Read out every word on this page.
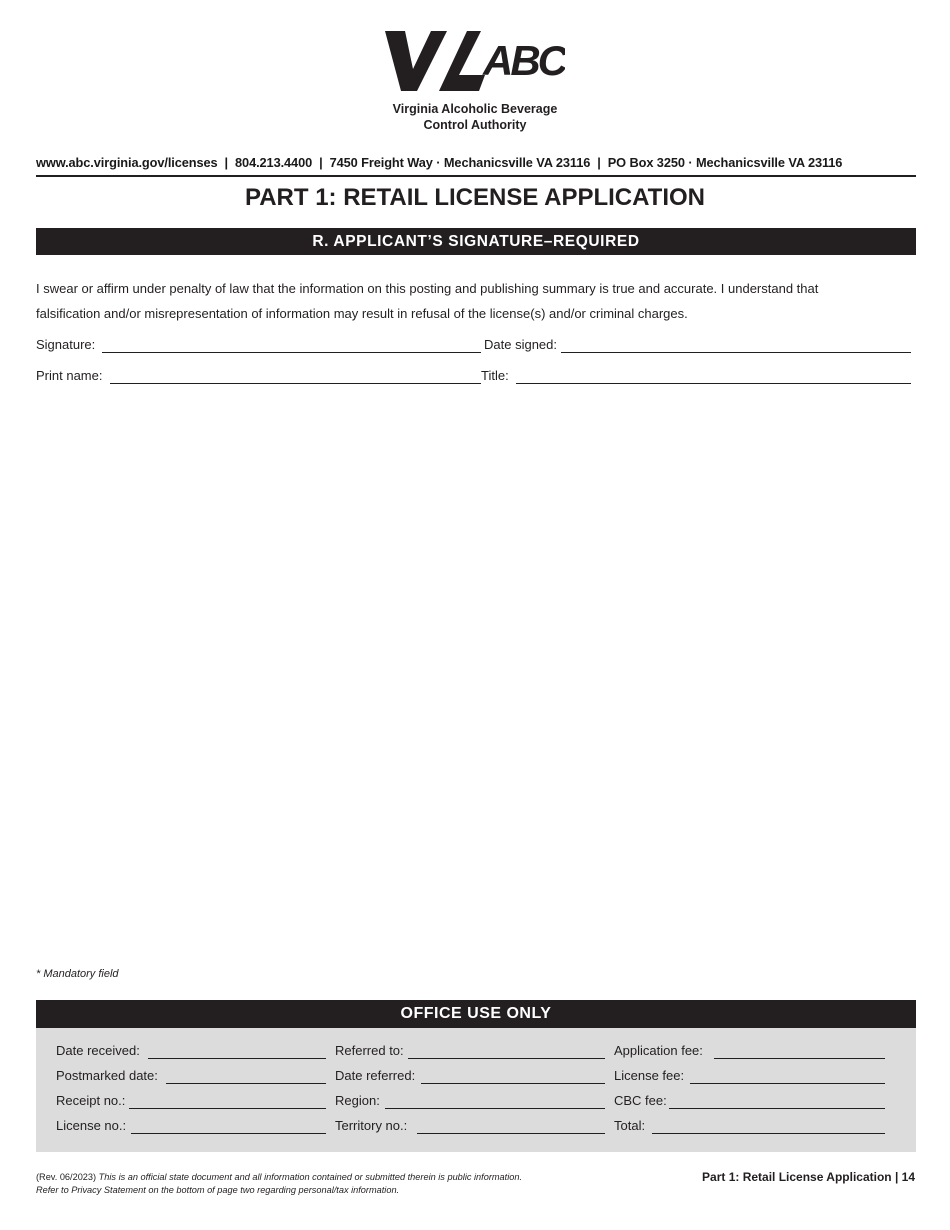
ABC
Virginia Alcoholic Beverage
Control Authority
www.abc.virginia.gov/licenses | 804.213.4400 | 7450 Freight Way · Mechanicsville VA 23116 | PO Box 3250 · Mechanicsville VA 23116
PART 1: RETAIL LICENSE APPLICATION
R. APPLICANT’S SIGNATURE–REQUIRED
I swear or affirm under penalty of law that the information on this posting and publishing summary is true and accurate. I understand that
falsification and/or misrepresentation of information may result in refusal of the license(s) and/or criminal charges.
Signature:	Date signed:
Print name:	Title:
* Mandatory field
OFFICE USE ONLY
Date received:
Postmarked date:
Receipt no.:
License no.:
Referred to:
Date referred:
Region:
Territory no.:
Application fee:
License fee:
CBC fee:
Total:
(Rev. 06/2023) This is an official state document and all information contained or submitted therein is public information.
Refer to Privacy Statement on the bottom of page two regarding personal/tax information.
Part 1: Retail License Application | 14
